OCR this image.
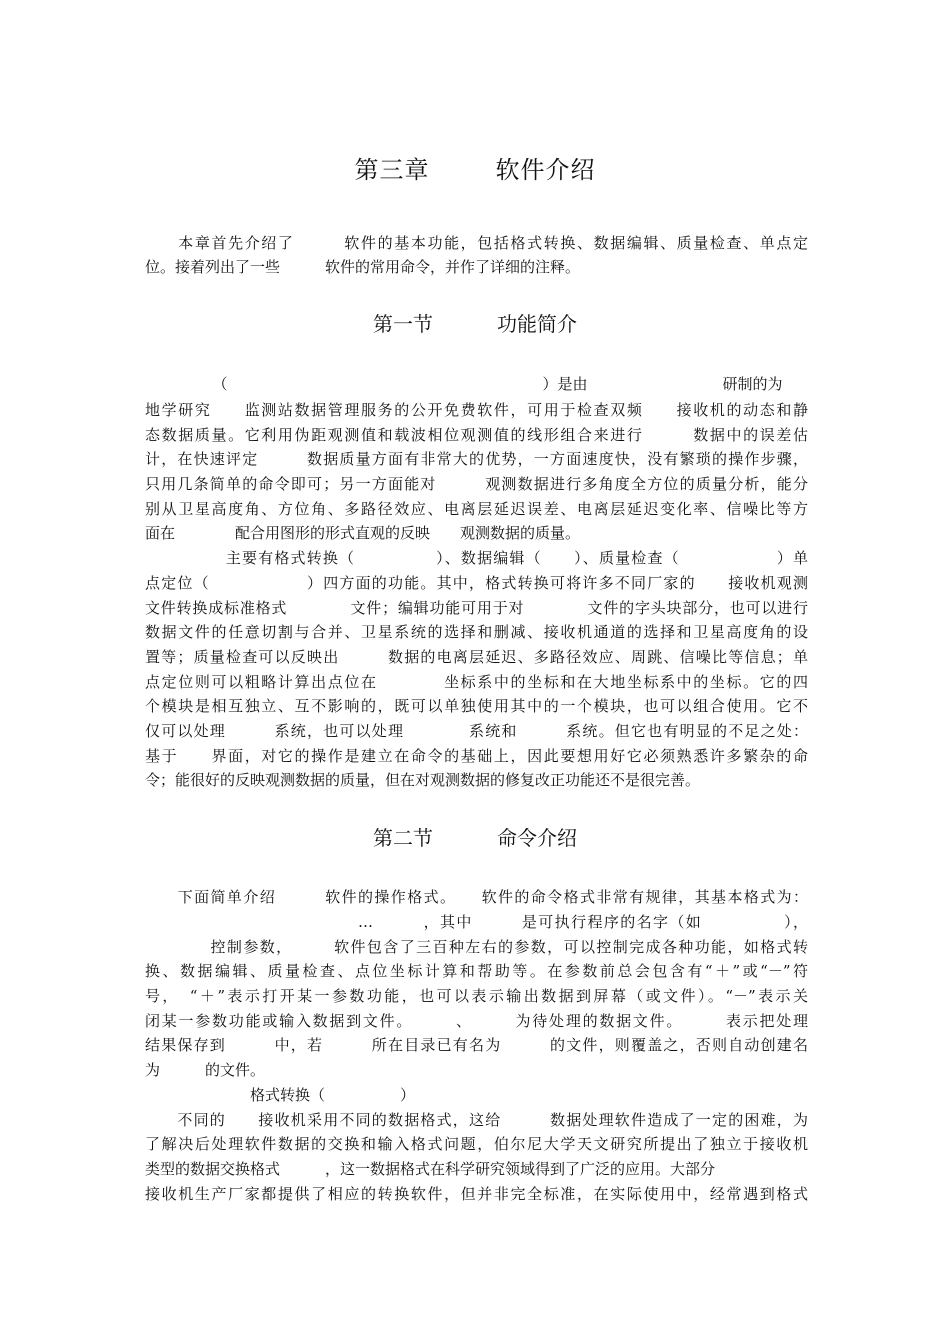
第三章	软件介绍
　　本章首先介绍了　　　软件的基本功能，包括格式转换、数据编辑、质量检查、单点定
位。接着列出了一些　　　软件的常用命令，并作了详细的注释。
第一节	功能简介
　　　　　（　　　　　　　　　　　　　　　　　　　　　）是由　　　　　　　　　研制的为
地学研究　　监测站数据管理服务的公开免费软件，可用于检查双频　　接收机的动态和静
态数据质量。它利用伪距观测值和载波相位观测值的线形组合来进行　　　数据中的误差估
计，在快速评定　　　数据质量方面有非常大的优势，一方面速度快，没有繁琐的操作步骤，
只用几条简单的命令即可；另一方面能对　　　观测数据进行多角度全方位的质量分析，能分
别从卫星高度角、方位角、多路径效应、电离层延迟误差、电离层延迟变化率、信噪比等方
面在　　　　配合用图形的形式直观的反映　　观测数据的质量。
　　　　　主要有格式转换（　　　　　）、数据编辑（　　）、质量检查（　　　　　　）单
点定位（　　　　　　）四方面的功能。其中，格式转换可将许多不同厂家的　　接收机观测
文件转换成标准格式　　　　文件；编辑功能可用于对　　　　文件的字头块部分，也可以进行
数据文件的任意切割与合并、卫星系统的选择和删减、接收机通道的选择和卫星高度角的设
置等；质量检查可以反映出　　　数据的电离层延迟、多路径效应、周跳、信噪比等信息；单
点定位则可以粗略计算出点位在　　　　坐标系中的坐标和在大地坐标系中的坐标。它的四
个模块是相互独立、互不影响的，既可以单独使用其中的一个模块，也可以组合使用。它不
仅可以处理　　　系统，也可以处理　　　　系统和　　　系统。但它也有明显的不足之处：
基于　　界面，对它的操作是建立在命令的基础上，因此要想用好它必须熟悉许多繁杂的命
令；能很好的反映观测数据的质量，但在对观测数据的修复改正功能还不是很完善。
第二节	命令介绍
　　下面简单介绍　　　软件的操作格式。　　软件的命令格式非常有规律，其基本格式为：
　　　　　　　　　　　　　…　　　，其中　　　是可执行程序的名字（如　　　　　），
　　　　控制参数，　　　软件包含了三百种左右的参数，可以控制完成各种功能，如格式转
换、数据编辑、质量检查、点位坐标计算和帮助等。在参数前总会包含有“＋”或“－”符
号，　“＋”表示打开某一参数功能，也可以表示输出数据到屏幕（或文件）。“－”表示关
闭某一参数功能或输入数据到文件。　　　、　　　为待处理的数据文件。　　　表示把处理
结果保存到　　　中，若　　　所在目录已有名为　　　的文件，则覆盖之，否则自动创建名
为　　　的文件。
　　　　　　　格式转换（　　　　　）
　　不同的　　接收机采用不同的数据格式，这给　　　数据处理软件造成了一定的困难，为
了解决后处理软件数据的交换和输入格式问题，伯尔尼大学天文研究所提出了独立于接收机
类型的数据交换格式　　　，这一数据格式在科学研究领域得到了广泛的应用。大部分
接收机生产厂家都提供了相应的转换软件，但并非完全标准，在实际使用中，经常遇到格式
